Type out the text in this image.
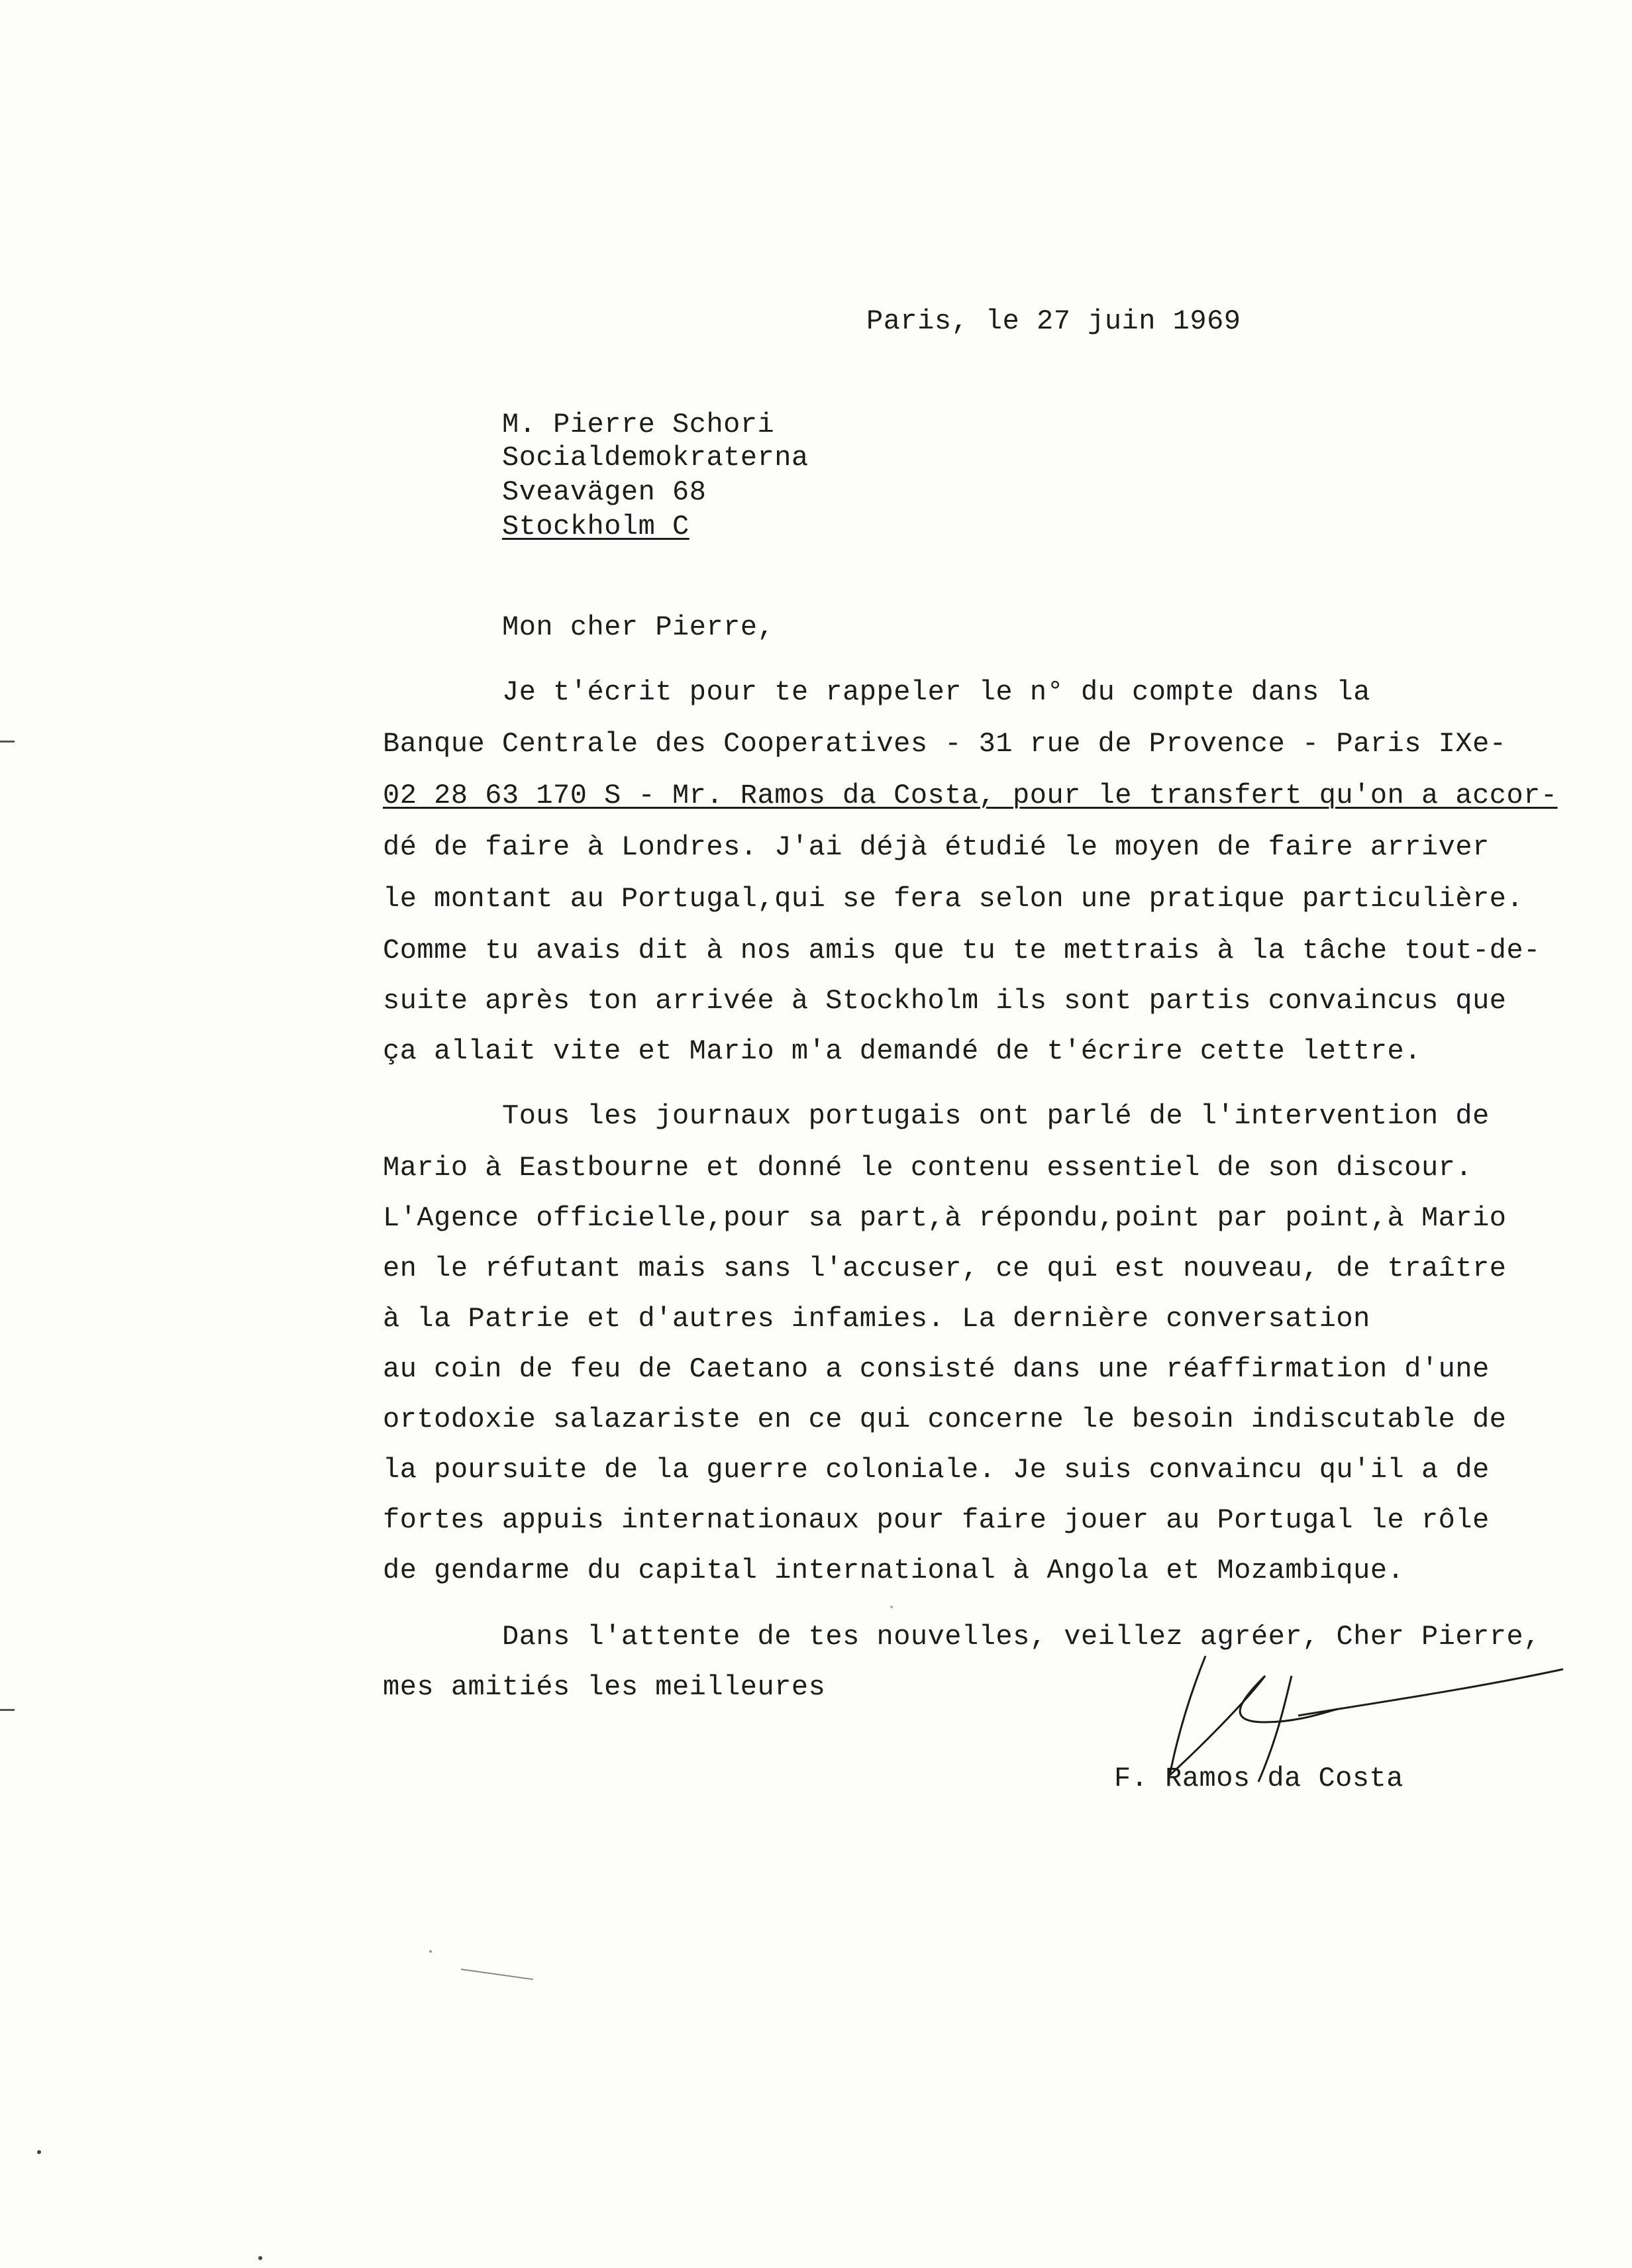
Paris, le 27 juin 1969
M. Pierre Schori
Socialdemokraterna
Sveavägen 68
Stockholm C
Mon cher Pierre,
Je t'écrit pour te rappeler le n° du compte dans la
Banque Centrale des Cooperatives - 31 rue de Provence - Paris IXe-
02 28 63 170 S - Mr. Ramos da Costa, pour le transfert qu'on a accor-
dé de faire à Londres. J'ai déjà étudié le moyen de faire arriver
le montant au Portugal,qui se fera selon une pratique particulière.
Comme tu avais dit à nos amis que tu te mettrais à la tâche tout-de-
suite après ton arrivée à Stockholm ils sont partis convaincus que
ça allait vite et Mario m'a demandé de t'écrire cette lettre.
Tous les journaux portugais ont parlé de l'intervention de
Mario à Eastbourne et donné le contenu essentiel de son discour.
L'Agence officielle,pour sa part,à répondu,point par point,à Mario
en le réfutant mais sans l'accuser, ce qui est nouveau, de traître
à la Patrie et d'autres infamies. La dernière conversation
au coin de feu de Caetano a consisté dans une réaffirmation d'une
ortodoxie salazariste en ce qui concerne le besoin indiscutable de
la poursuite de la guerre coloniale. Je suis convaincu qu'il a de
fortes appuis internationaux pour faire jouer au Portugal le rôle
de gendarme du capital international à Angola et Mozambique.
Dans l'attente de tes nouvelles, veillez agréer, Cher Pierre,
mes amitiés les meilleures
F. Ramos da Costa
